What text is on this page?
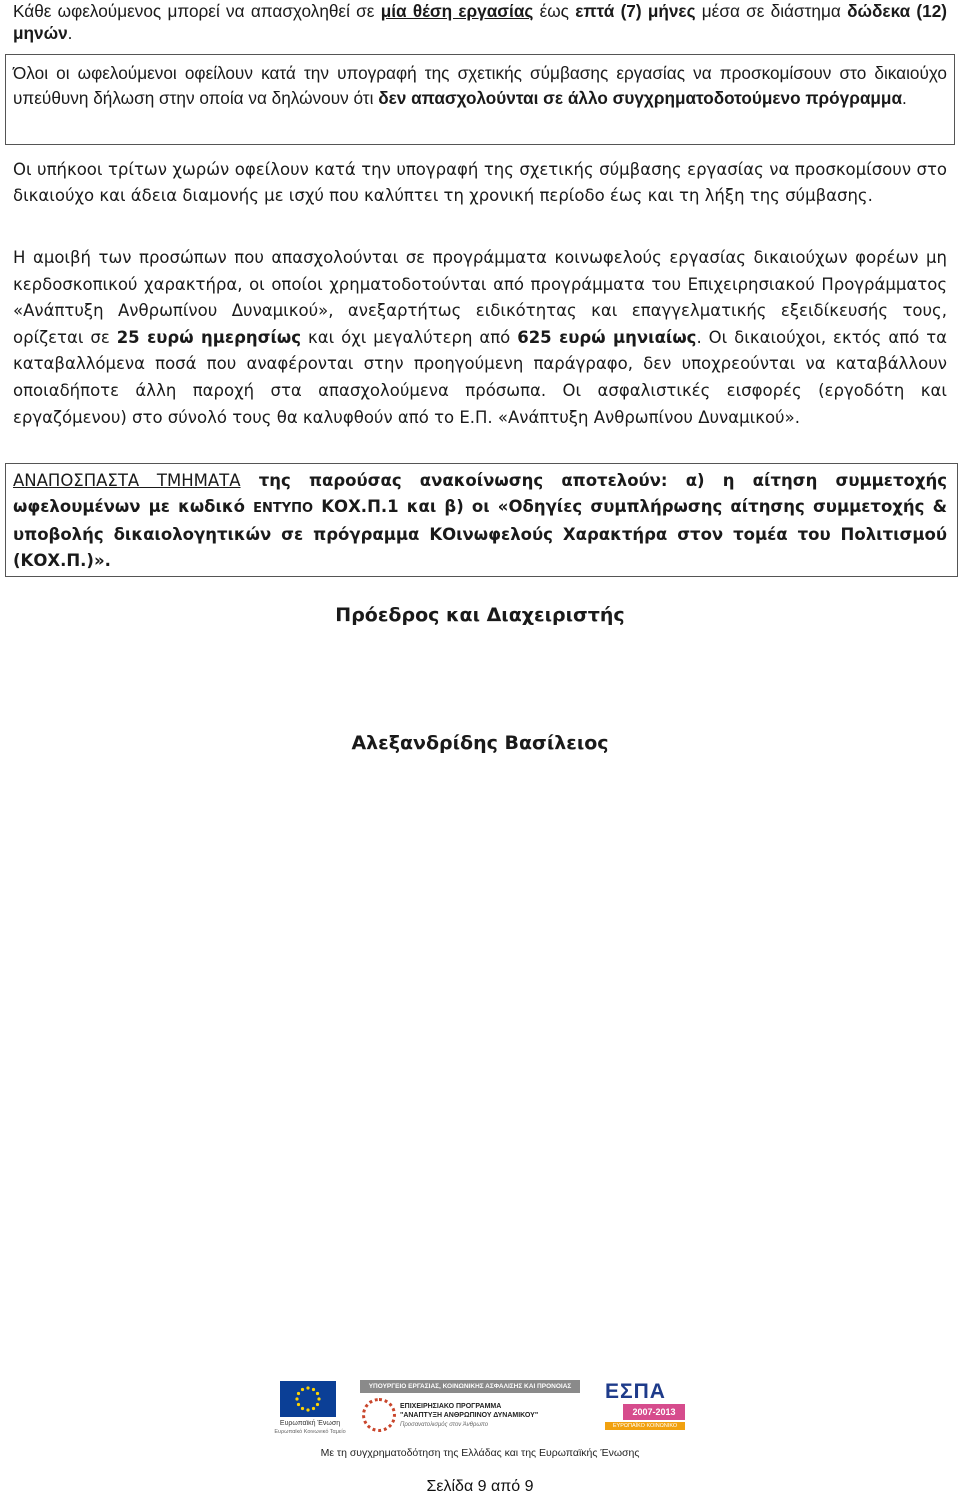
Κάθε ωφελούμενος μπορεί να απασχοληθεί σε μία θέση εργασίας έως επτά (7) μήνες μέσα σε διάστημα δώδεκα (12) μηνών.
Όλοι οι ωφελούμενοι οφείλουν κατά την υπογραφή της σχετικής σύμβασης εργασίας να προσκομίσουν στο δικαιούχο υπεύθυνη δήλωση στην οποία να δηλώνουν ότι δεν απασχολούνται σε άλλο συγχρηματοδοτούμενο πρόγραμμα.
Οι υπήκοοι τρίτων χωρών οφείλουν κατά την υπογραφή της σχετικής σύμβασης εργασίας να προσκομίσουν στο δικαιούχο και άδεια διαμονής με ισχύ που καλύπτει τη χρονική περίοδο έως και τη λήξη της σύμβασης.
Η αμοιβή των προσώπων που απασχολούνται σε προγράμματα κοινωφελούς εργασίας δικαιούχων φορέων μη κερδοσκοπικού χαρακτήρα, οι οποίοι χρηματοδοτούνται από προγράμματα του Επιχειρησιακού Προγράμματος «Ανάπτυξη Ανθρωπίνου Δυναμικού», ανεξαρτήτως ειδικότητας και επαγγελματικής εξειδίκευσής τους, ορίζεται σε 25 ευρώ ημερησίως και όχι μεγαλύτερη από 625 ευρώ μηνιαίως. Οι δικαιούχοι, εκτός από τα καταβαλλόμενα ποσά που αναφέρονται στην προηγούμενη παράγραφο, δεν υποχρεούνται να καταβάλλουν οποιαδήποτε άλλη παροχή στα απασχολούμενα πρόσωπα. Οι ασφαλιστικές εισφορές (εργοδότη και εργαζόμενου) στο σύνολό τους θα καλυφθούν από το Ε.Π. «Ανάπτυξη Ανθρωπίνου Δυναμικού».
ΑΝΑΠΟΣΠΑΣΤΑ ΤΜΗΜΑΤΑ της παρούσας ανακοίνωσης αποτελούν: α) η αίτηση συμμετοχής ωφελουμένων με κωδικό ΕΝΤΥΠΟ ΚΟΧ.Π.1 και β) οι «Οδηγίες συμπλήρωσης αίτησης συμμετοχής & υποβολής δικαιολογητικών σε πρόγραμμα ΚΟινωφελούς Χαρακτήρα στον τομέα του Πολιτισμού (ΚΟΧ.Π.)».
Πρόεδρος και Διαχειριστής
Αλεξανδρίδης Βασίλειος
Ευρωπαϊκή Ένωση
Ευρωπαϊκό Κοινωνικό Ταμείο
ΥΠΟΥΡΓΕΙΟ ΕΡΓΑΣΙΑΣ, ΚΟΙΝΩΝΙΚΗΣ ΑΣΦΑΛΙΣΗΣ ΚΑΙ ΠΡΟΝΟΙΑΣ
ΕΠΙΧΕΙΡΗΣΙΑΚΟ ΠΡΟΓΡΑΜΜΑ
"ΑΝΑΠΤΥΞΗ ΑΝΘΡΩΠΙΝΟΥ ΔΥΝΑΜΙΚΟΥ"
Προσανατολισμός στον Άνθρωπο
ΕΣΠΑ
2007-2013
ΕΥΡΩΠΑΪΚΟ ΚΟΙΝΩΝΙΚΟ ΤΑΜΕΙΟ
Με τη συγχρηματοδότηση της Ελλάδας και της Ευρωπαϊκής Ένωσης
Σελίδα 9 από 9
